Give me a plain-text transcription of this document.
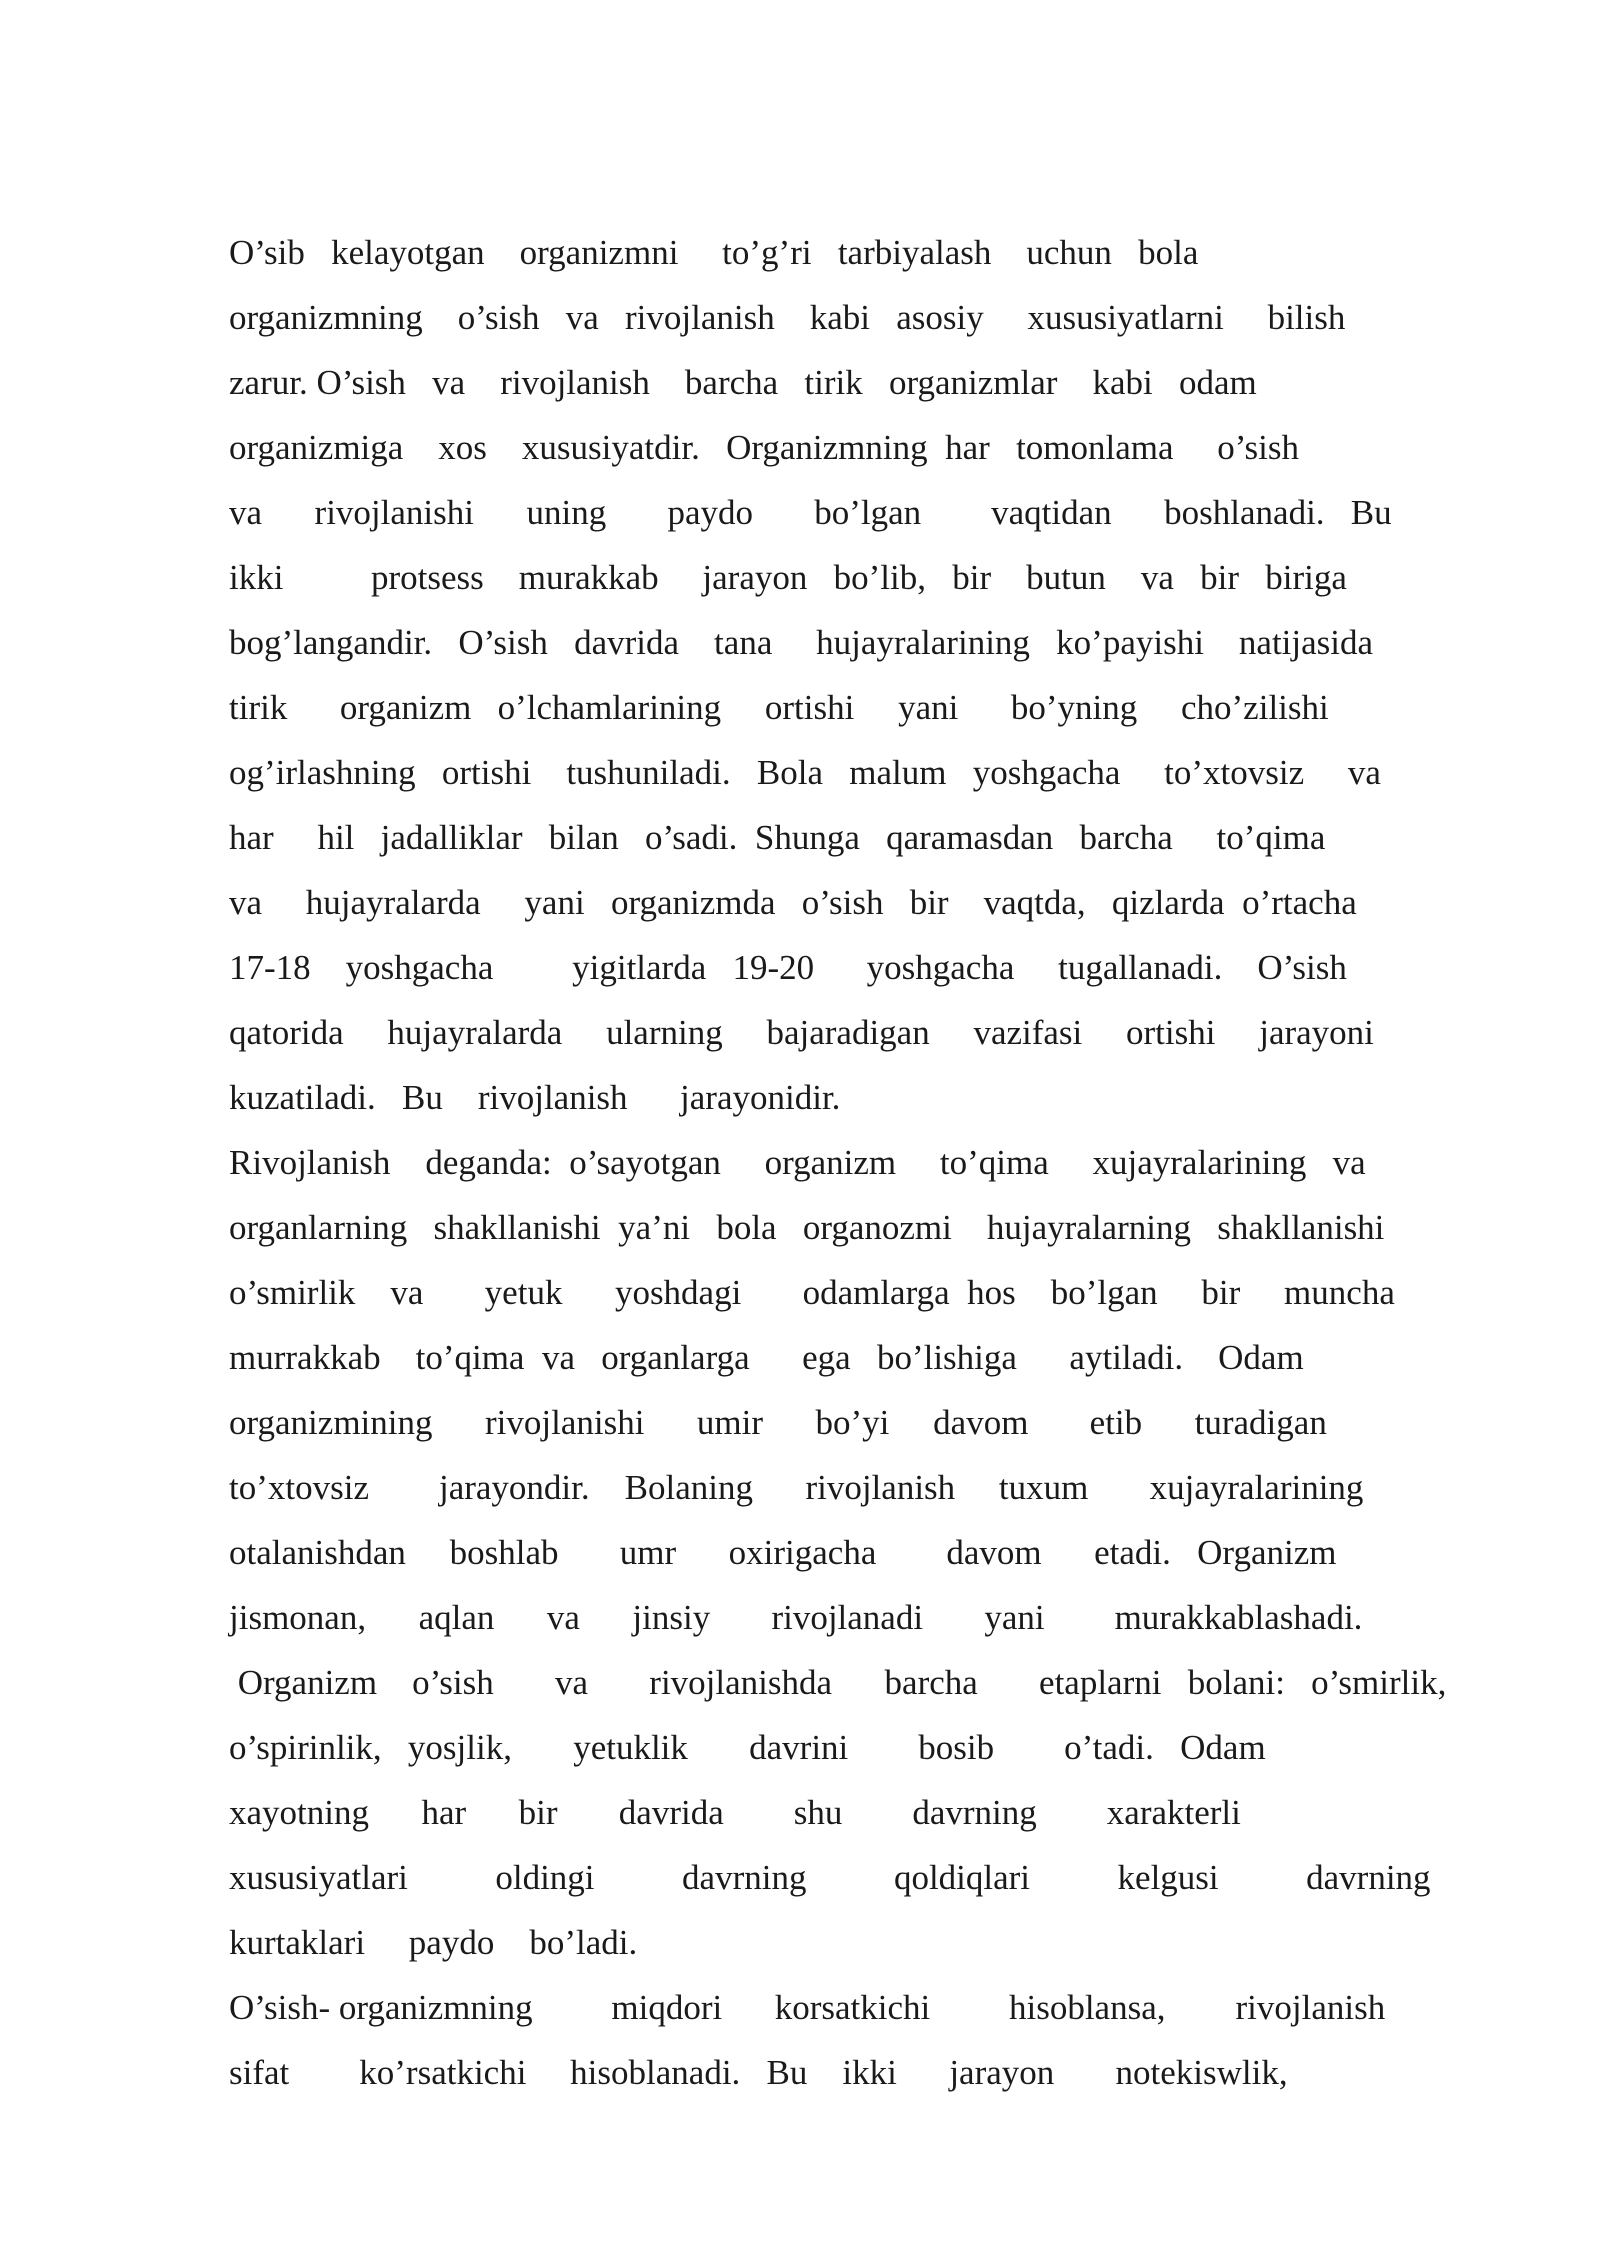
O’sib   kelayotgan    organizmni     to’g’ri   tarbiyalash    uchun   bola
organizmning    o’sish   va   rivojlanish    kabi   asosiy     xususiyatlarni     bilish
zarur. O’sish   va    rivojlanish    barcha   tirik   organizmlar    kabi   odam
organizmiga    xos    xususiyatdir.   Organizmning  har   tomonlama     o’sish
va      rivojlanishi      uning       paydo       bo’lgan        vaqtidan      boshlanadi.   Bu
ikki          protsess    murakkab     jarayon   bo’lib,   bir    butun    va   bir   biriga
bog’langandir.   O’sish   davrida    tana     hujayralarining   ko’payishi    natijasida
tirik      organizm   o’lchamlarining     ortishi     yani      bo’yning     cho’zilishi
og’irlashning   ortishi    tushuniladi.   Bola   malum   yoshgacha     to’xtovsiz     va
har     hil   jadalliklar   bilan   o’sadi.  Shunga   qaramasdan   barcha     to’qima
va     hujayralarda     yani   organizmda   o’sish   bir    vaqtda,   qizlarda  o’rtacha
17-18    yoshgacha         yigitlarda   19-20      yoshgacha     tugallanadi.    O’sish
qatorida     hujayralarda     ularning     bajaradigan     vazifasi     ortishi     jarayoni
kuzatiladi.   Bu    rivojlanish      jarayonidir.
Rivojlanish    deganda:  o’sayotgan     organizm     to’qima     xujayralarining   va
organlarning   shakllanishi  ya’ni   bola   organozmi    hujayralarning   shakllanishi
o’smirlik    va       yetuk      yoshdagi       odamlarga  hos    bo’lgan     bir     muncha
murrakkab    to’qima  va   organlarga      ega   bo’lishiga      aytiladi.    Odam
organizmining      rivojlanishi      umir      bo’yi     davom       etib      turadigan
to’xtovsiz        jarayondir.    Bolaning      rivojlanish     tuxum       xujayralarining
otalanishdan     boshlab       umr      oxirigacha        davom      etadi.   Organizm
jismonan,      aqlan      va      jinsiy       rivojlanadi       yani        murakkablashadi.
Organizm    o’sish       va       rivojlanishda      barcha       etaplarni   bolani:   o’smirlik,
o’spirinlik,   yosjlik,       yetuklik       davrini        bosib        o’tadi.   Odam
xayotning      har      bir       davrida        shu        davrning        xarakterli
xususiyatlari          oldingi          davrning          qoldiqlari          kelgusi          davrning
kurtaklari     paydo    bo’ladi.
O’sish- organizmning         miqdori      korsatkichi         hisoblansa,        rivojlanish
sifat        ko’rsatkichi     hisoblanadi.   Bu    ikki      jarayon       notekiswlik,
